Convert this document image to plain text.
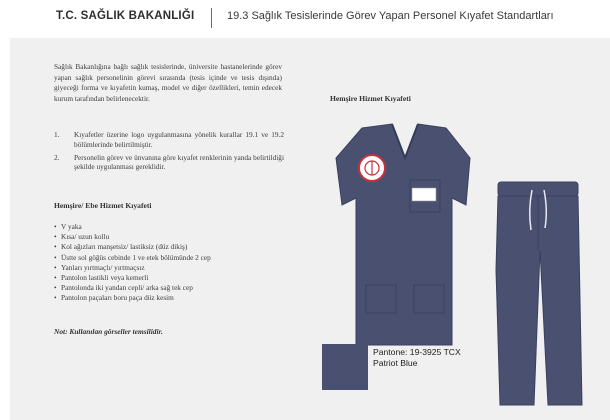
T.C. SAĞLIK BAKANLIĞI	19.3 Sağlık Tesislerinde Görev Yapan Personel Kıyafet Standartları

Sağlık Bakanlığına bağlı sağlık tesislerinde, üniversite hastanelerinde görev yapan sağlık personelinin görevi sırasında (tesis içinde ve tesis dışında) giyeceği forma ve kıyafetin kumaş, model ve diğer özellikleri, temin edecek kurum tarafından belirlenecektir.

1. Kıyafetler üzerine logo uygulanmasına yönelik kurallar 19.1 ve 19.2 bölümlerinde belirtilmiştir.
2. Personelin görev ve ünvanına göre kıyafet renklerinin yanda belirtildiği şekilde uygulanması gereklidir.
Hemşire/ Ebe Hizmet Kıyafeti
• V yaka
• Kısa/ uzun kollu
• Kol ağızları manşetsiz/ lastiksiz (düz dikiş)
• Üstte sol göğüs cebinde 1 ve etek bölümünde 2 cep
• Yanları yırtmaçlı/ yırtmaçsız
• Pantolon lastikli veya kemerli
• Pantolonda iki yandan cepli/ arka sağ tek cep
• Pantolon paçaları boru paça düz kesim
Not: Kullanılan görseller temsilidir.
Hemşire Hizmet Kıyafeti
Pantone: 19-3925 TCX
Patriot Blue
